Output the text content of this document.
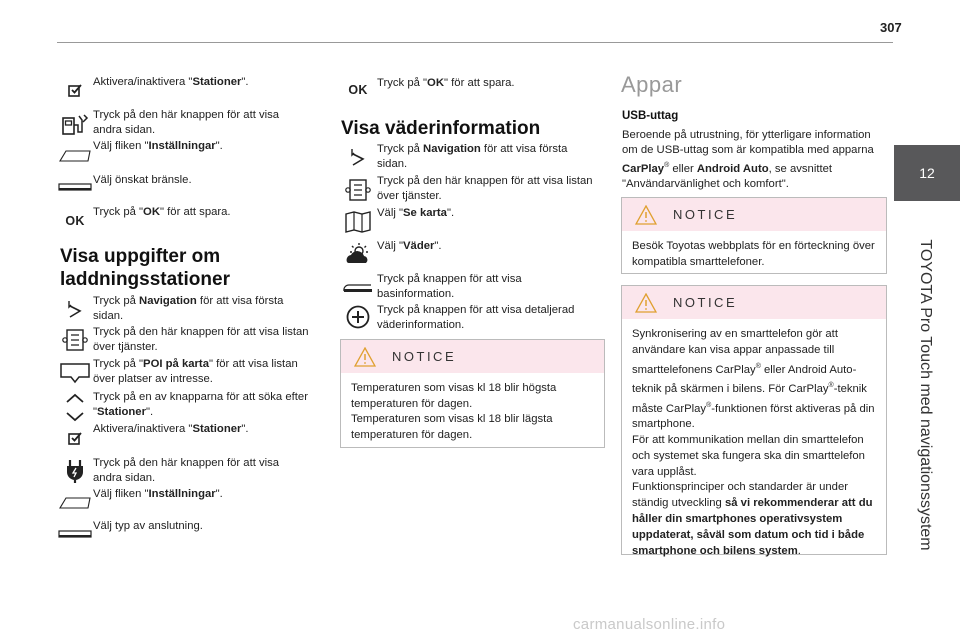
307
12
TOYOTA Pro Touch med navigationssystem
Aktivera/inaktivera "Stationer".
Tryck på den här knappen för att visa andra sidan.
Välj fliken "Inställningar".
Välj önskat bränsle.
OK
Tryck på "OK" för att spara.
Visa uppgifter om laddningsstationer
Tryck på Navigation för att visa första sidan.
Tryck på den här knappen för att visa listan över tjänster.
Tryck på "POI på karta" för att visa listan över platser av intresse.
Tryck på en av knapparna för att söka efter "Stationer".
Aktivera/inaktivera "Stationer".
Tryck på den här knappen för att visa andra sidan.
Välj fliken "Inställningar".
Välj typ av anslutning.
OK Tryck på "OK" för att spara.
Visa väderinformation
Tryck på Navigation för att visa första sidan.
Tryck på den här knappen för att visa listan över tjänster.
Välj "Se karta".
Välj "Väder".
Tryck på knappen för att visa basinformation.
Tryck på knappen för att visa detaljerad väderinformation.
NOTICE
Temperaturen som visas kl 18 blir högsta temperaturen för dagen.
Temperaturen som visas kl 18 blir lägsta temperaturen för dagen.
Appar
USB-uttag
Beroende på utrustning, för ytterligare information om de USB-uttag som är kompatibla med apparna CarPlay® eller Android Auto, se avsnittet "Användarvänlighet och komfort".
NOTICE
Besök Toyotas webbplats för en förteckning över kompatibla smarttelefoner.
NOTICE
Synkronisering av en smarttelefon gör att användare kan visa appar anpassade till smarttelefonens CarPlay® eller Android Auto-teknik på skärmen i bilens. För CarPlay®-teknik måste CarPlay®-funktionen först aktiveras på din smartphone.
För att kommunikation mellan din smarttelefon och systemet ska fungera ska din smarttelefon vara upplåst.
Funktionsprinciper och standarder är under ständig utveckling så vi rekommenderar att du håller din smartphones operativsystem uppdaterat, såväl som datum och tid i både smartphone och bilens system.
carmanualsonline.info
